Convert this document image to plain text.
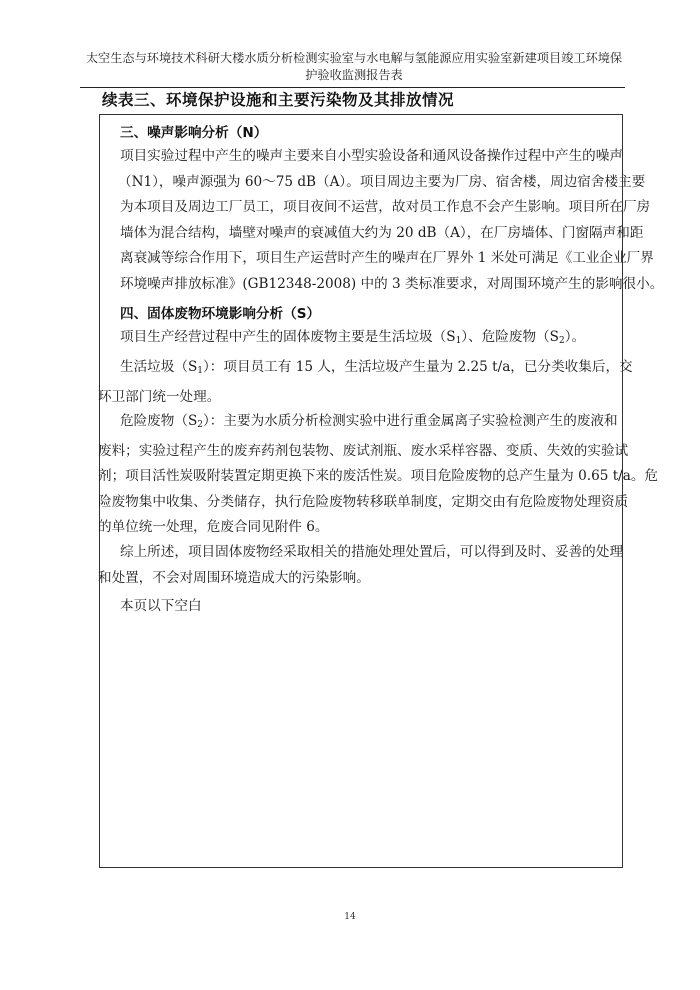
太空生态与环境技术科研大楼水质分析检测实验室与水电解与氢能源应用实验室新建项目竣工环境保
护验收监测报告表
续表三、环境保护设施和主要污染物及其排放情况
三、噪声影响分析（N）
项目实验过程中产生的噪声主要来自小型实验设备和通风设备操作过程中产生的噪声
（N1），噪声源强为 60～75 dB（A）。项目周边主要为厂房、宿舍楼，周边宿舍楼主要
为本项目及周边工厂员工，项目夜间不运营，故对员工作息不会产生影响。项目所在厂房
墙体为混合结构，墙壁对噪声的衰减值大约为 20 dB（A），在厂房墙体、门窗隔声和距
离衰减等综合作用下，项目生产运营时产生的噪声在厂界外 1 米处可满足《工业企业厂界
环境噪声排放标准》(GB12348-2008) 中的 3 类标准要求，对周围环境产生的影响很小。
四、固体废物环境影响分析（S）
项目生产经营过程中产生的固体废物主要是生活垃圾$(S_1)$、危险废物$(S_2)$。
生活垃圾$(S_1)$：项目员工有 15 人，生活垃圾产生量为 2.25 t/a，已分类收集后，交
环卫部门统一处理。
危险废物$(S_2)$：主要为水质分析检测实验中进行重金属离子实验检测产生的废液和
废料；实验过程产生的废弃药剂包装物、废试剂瓶、废水采样容器、变质、失效的实验试
剂；项目活性炭吸附装置定期更换下来的废活性炭。项目危险废物的总产生量为 0.65 t/a。危
险废物集中收集、分类储存，执行危险废物转移联单制度，定期交由有危险废物处理资质
的单位统一处理，危废合同见附件 6。
综上所述，项目固体废物经采取相关的措施处理处置后，可以得到及时、妥善的处理
和处置，不会对周围环境造成大的污染影响。
本页以下空白
14
